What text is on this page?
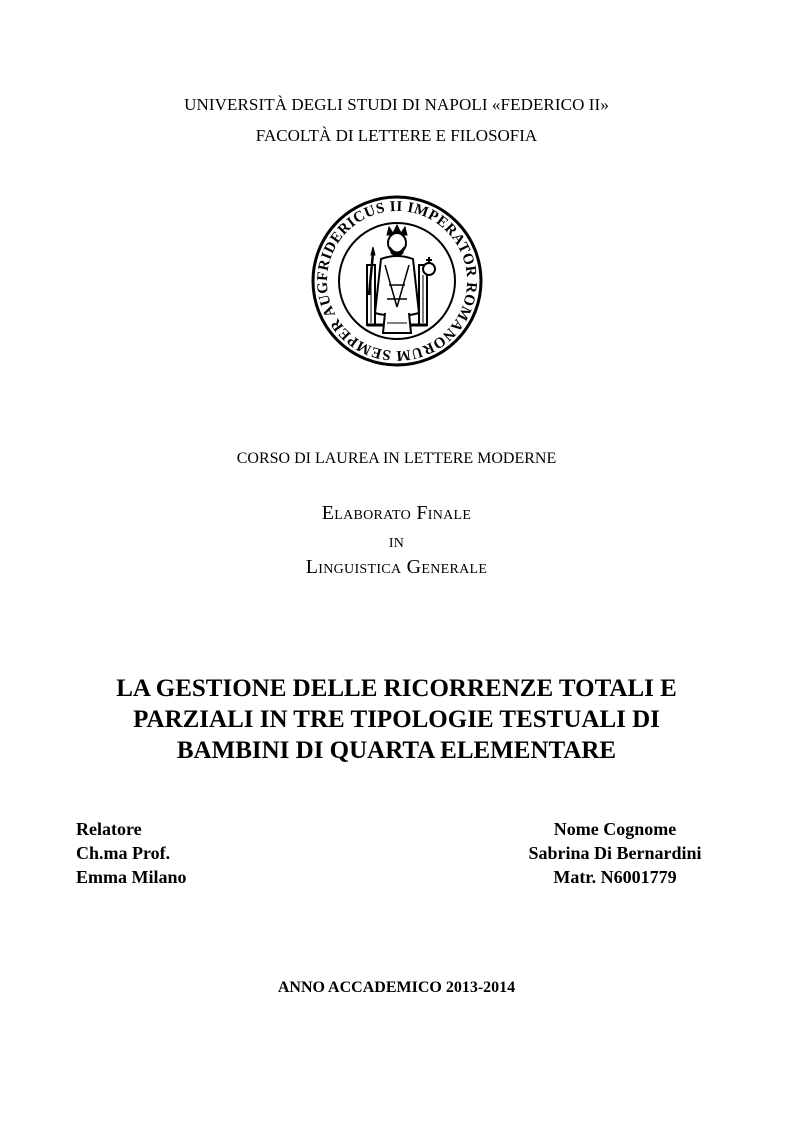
UNIVERSITÀ DEGLI STUDI DI NAPOLI «FEDERICO II»
FACOLTÀ DI LETTERE E FILOSOFIA
FRIDERICUS II IMPERATOR ROMANORUM SEMPER AUG
CORSO DI LAUREA IN LETTERE MODERNE
Elaborato Finale
in
Linguistica Generale
LA GESTIONE DELLE RICORRENZE TOTALI E
PARZIALI IN TRE TIPOLOGIE TESTUALI DI
BAMBINI DI QUARTA ELEMENTARE
Relatore
Ch.ma Prof.
Emma Milano
Nome Cognome
Sabrina Di Bernardini
Matr. N6001779
ANNO ACCADEMICO 2013-2014
